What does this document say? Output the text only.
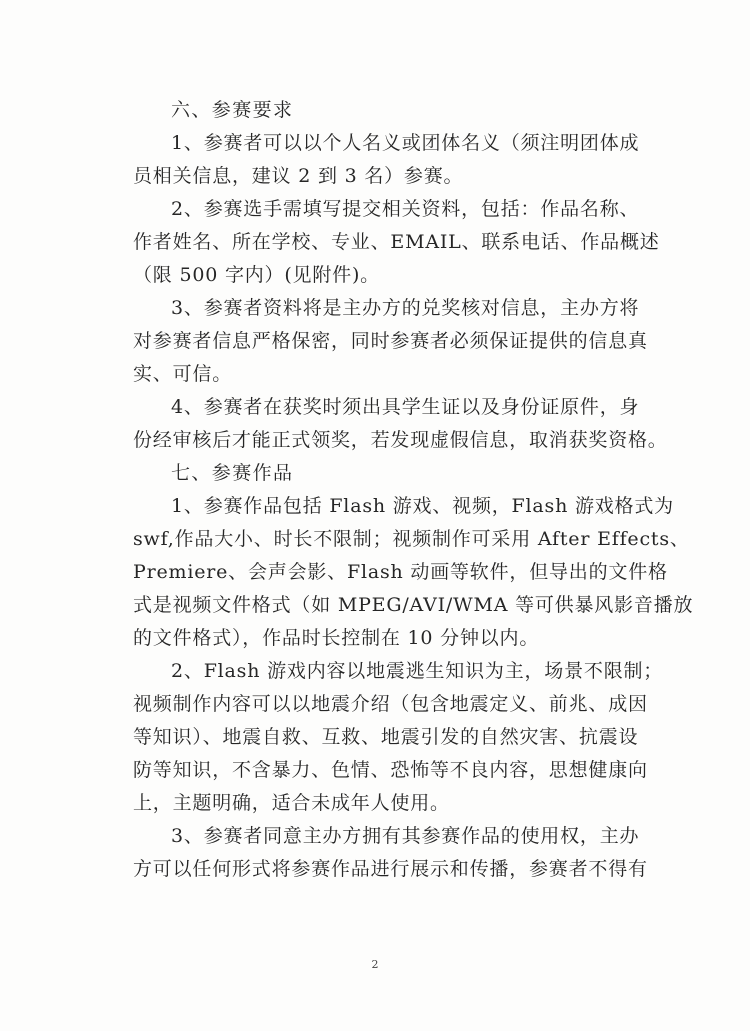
六、参赛要求
1、参赛者可以以个人名义或团体名义（须注明团体成
员相关信息，建议 2 到 3 名）参赛。
2、参赛选手需填写提交相关资料，包括：作品名称、
作者姓名、所在学校、专业、EMAIL、联系电话、作品概述
（限 500 字内）(见附件)。
3、参赛者资料将是主办方的兑奖核对信息，主办方将
对参赛者信息严格保密，同时参赛者必须保证提供的信息真
实、可信。
4、参赛者在获奖时须出具学生证以及身份证原件，身
份经审核后才能正式领奖，若发现虚假信息，取消获奖资格。
七、参赛作品
1、参赛作品包括 Flash 游戏、视频，Flash 游戏格式为
swf,作品大小、时长不限制；视频制作可采用 After Effects、
Premiere、会声会影、Flash 动画等软件，但导出的文件格
式是视频文件格式（如 MPEG/AVI/WMA 等可供暴风影音播放
的文件格式），作品时长控制在 10 分钟以内。
2、Flash 游戏内容以地震逃生知识为主，场景不限制；
视频制作内容可以以地震介绍（包含地震定义、前兆、成因
等知识）、地震自救、互救、地震引发的自然灾害、抗震设
防等知识，不含暴力、色情、恐怖等不良内容，思想健康向
上，主题明确，适合未成年人使用。
3、参赛者同意主办方拥有其参赛作品的使用权，主办
方可以任何形式将参赛作品进行展示和传播，参赛者不得有
2
